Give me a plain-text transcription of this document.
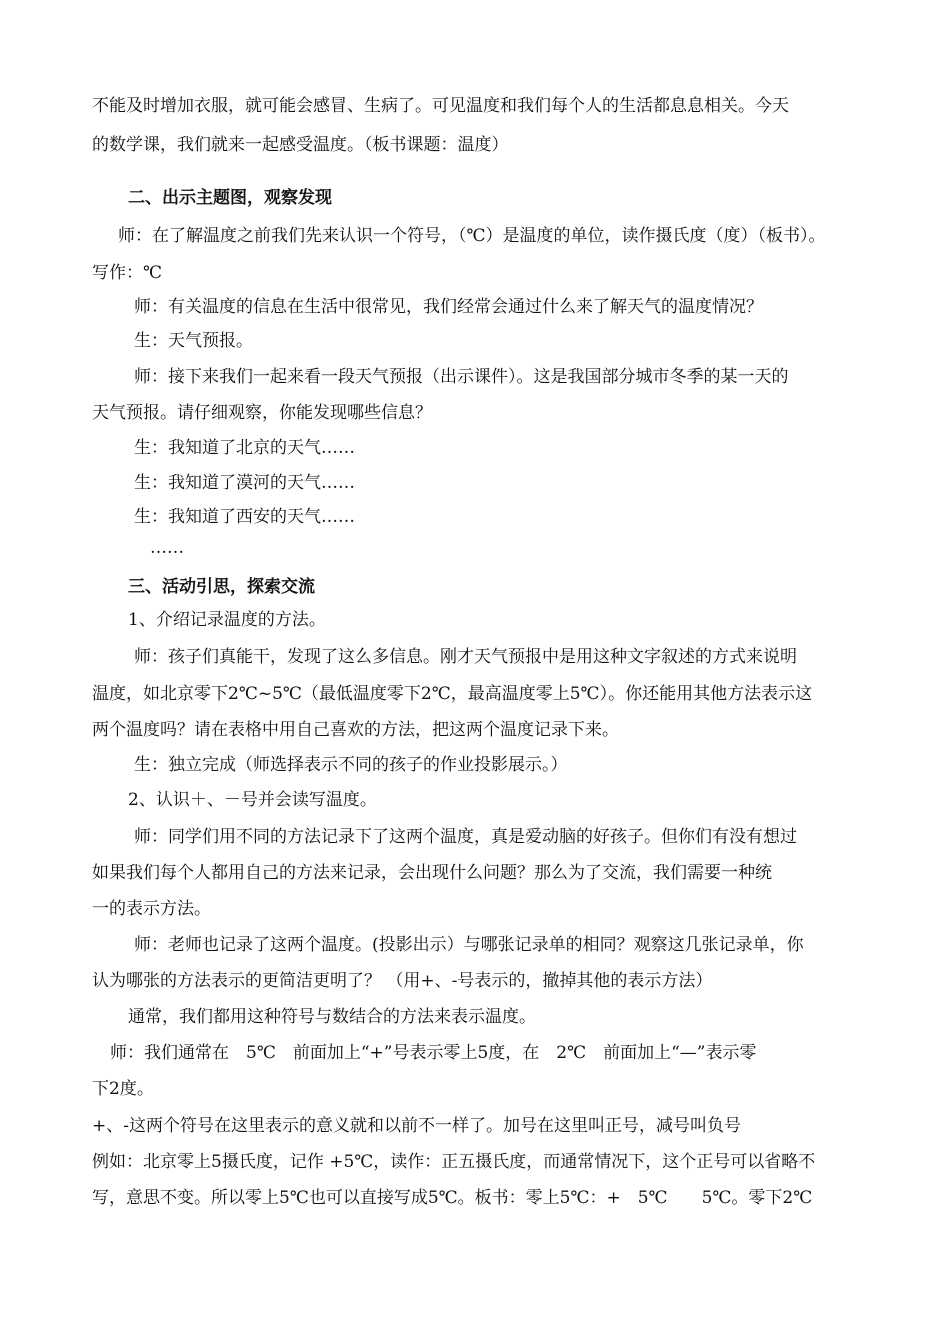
不能及时增加衣服，就可能会感冒、生病了。可见温度和我们每个人的生活都息息相关。今天
的数学课，我们就来一起感受温度。（板书课题：温度）
二、出示主题图，观察发现
师：在了解温度之前我们先来认识一个符号，（℃）是温度的单位，读作摄氏度（度）（板书）。
写作：℃
师：有关温度的信息在生活中很常见，我们经常会通过什么来了解天气的温度情况？
生：天气预报。
师：接下来我们一起来看一段天气预报（出示课件）。这是我国部分城市冬季的某一天的
天气预报。请仔细观察，你能发现哪些信息？
生：我知道了北京的天气……
生：我知道了漠河的天气……
生：我知道了西安的天气……
……
三、活动引思，探索交流
1、介绍记录温度的方法。
师：孩子们真能干，发现了这么多信息。刚才天气预报中是用这种文字叙述的方式来说明
温度，如北京零下2℃~5℃（最低温度零下2℃，最高温度零上5℃）。你还能用其他方法表示这
两个温度吗？请在表格中用自己喜欢的方法，把这两个温度记录下来。
生：独立完成（师选择表示不同的孩子的作业投影展示。）
2、认识＋、－号并会读写温度。
师：同学们用不同的方法记录下了这两个温度，真是爱动脑的好孩子。但你们有没有想过
如果我们每个人都用自己的方法来记录，会出现什么问题？那么为了交流，我们需要一种统
一的表示方法。
师：老师也记录了这两个温度。(投影出示）与哪张记录单的相同？观察这几张记录单，你
认为哪张的方法表示的更简洁更明了？ （用+、-号表示的，撤掉其他的表示方法）
通常，我们都用这种符号与数结合的方法来表示温度。
师：我们通常在　5℃　前面加上“+”号表示零上5度，在　2℃　前面加上“—”表示零
下2度。
+、-这两个符号在这里表示的意义就和以前不一样了。加号在这里叫正号，减号叫负号
例如：北京零上5摄氏度，记作 +5℃，读作：正五摄氏度，而通常情况下，这个正号可以省略不
写，意思不变。所以零上5℃也可以直接写成5℃。板书：零上5℃：+　5℃　　5℃。零下2℃
